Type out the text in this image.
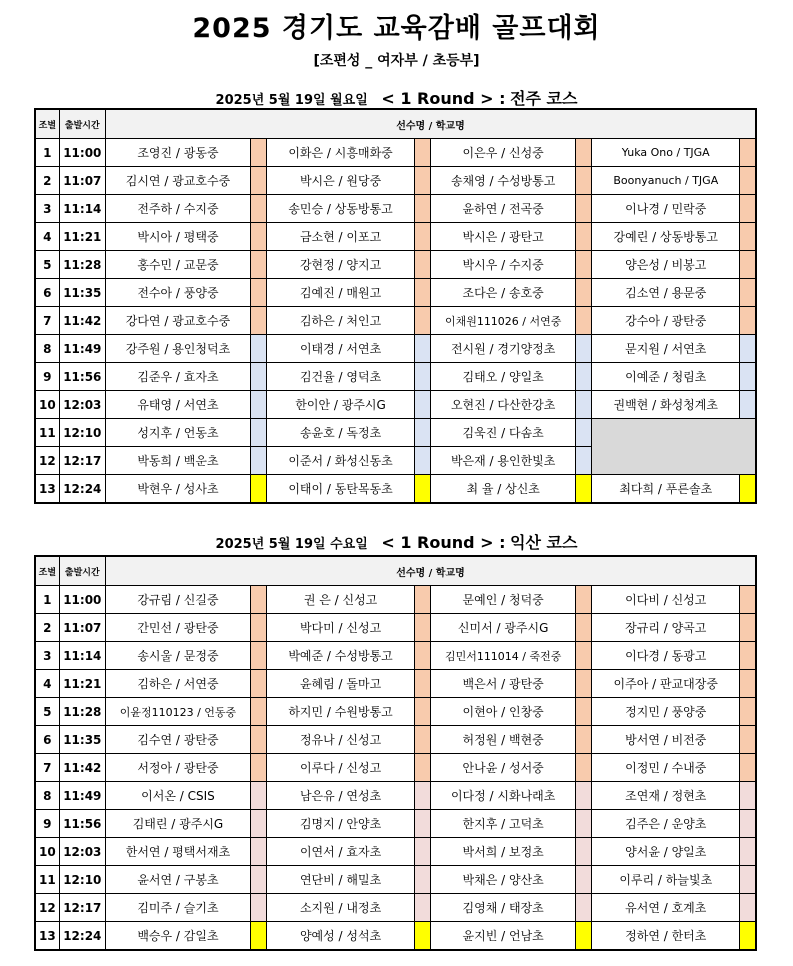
2025 경기도 교육감배 골프대회
[조편성 _ 여자부 / 초등부]
2025년 5월 19일 월요일 < 1 Round > : 전주 코스
조별	출발시간	선수명 / 학교명							
1	11:00	조영진 / 광동중		이화은 / 시흥매화중		이은우 / 신성중		Yuka Ono / TJGA	
2	11:07	김시연 / 광교호수중		박시은 / 원당중		송채영 / 수성방통고		Boonyanuch / TJGA	
3	11:14	전주하 / 수지중		송민승 / 상동방통고		윤하연 / 전곡중		이나경 / 민락중	
4	11:21	박시아 / 평택중		금소현 / 이포고		박시은 / 광탄고		강예린 / 상동방통고	
5	11:28	홍수민 / 교문중		강현정 / 양지고		박시우 / 수지중		양은성 / 비봉고	
6	11:35	전수아 / 풍양중		김예진 / 매원고		조다은 / 송호중		김소연 / 용문중	
7	11:42	강다연 / 광교호수중		김하은 / 처인고		이채원111026 / 서연중		강수아 / 광탄중	
8	11:49	강주원 / 용인청덕초		이태경 / 서연초		전시원 / 경기양정초		문지원 / 서연초	
9	11:56	김준우 / 효자초		김건율 / 영덕초		김태오 / 양일초		이예준 / 청림초	
10	12:03	유태영 / 서연초		한이안 / 광주시G		오현진 / 다산한강초		권백현 / 화성청계초	
11	12:10	성지후 / 언동초		송윤호 / 독정초		김욱진 / 다솜초			
12	12:17	박동희 / 백운초		이준서 / 화성신동초		박은재 / 용인한빛초			
13	12:24	박현우 / 성사초		이태이 / 동탄목동초		최 율 / 상신초		최다희 / 푸른솔초	
2025년 5월 19일 수요일 < 1 Round > : 익산 코스
조별	출발시간	선수명 / 학교명							
1	11:00	강규림 / 신길중		권 은 / 신성고		문예인 / 청덕중		이다비 / 신성고	
2	11:07	간민선 / 광탄중		박다미 / 신성고		신미서 / 광주시G		장규리 / 양곡고	
3	11:14	송시울 / 문정중		박예준 / 수성방통고		김민서111014 / 죽전중		이다경 / 동광고	
4	11:21	김하은 / 서연중		윤혜림 / 돌마고		백은서 / 광탄중		이주아 / 판교대장중	
5	11:28	이윤정110123 / 언동중		하지민 / 수원방통고		이현아 / 인창중		정지민 / 풍양중	
6	11:35	김수연 / 광탄중		정유나 / 신성고		허정원 / 백현중		방서연 / 비전중	
7	11:42	서정아 / 광탄중		이루다 / 신성고		안나윤 / 성서중		이정민 / 수내중	
8	11:49	이서온 / CSIS		남은유 / 연성초		이다정 / 시화나래초		조연재 / 정현초	
9	11:56	김태린 / 광주시G		김명지 / 안양초		한지후 / 고덕초		김주은 / 운양초	
10	12:03	한서연 / 평택서재초		이연서 / 효자초		박서희 / 보정초		양서윤 / 양일초	
11	12:10	윤서연 / 구봉초		연단비 / 해밀초		박채은 / 양산초		이루리 / 하늘빛초	
12	12:17	김미주 / 슬기초		소지원 / 내정초		김영채 / 태장초		유서연 / 호계초	
13	12:24	백승우 / 감일초		양예성 / 성석초		윤지빈 / 언남초		정하연 / 한터초	
